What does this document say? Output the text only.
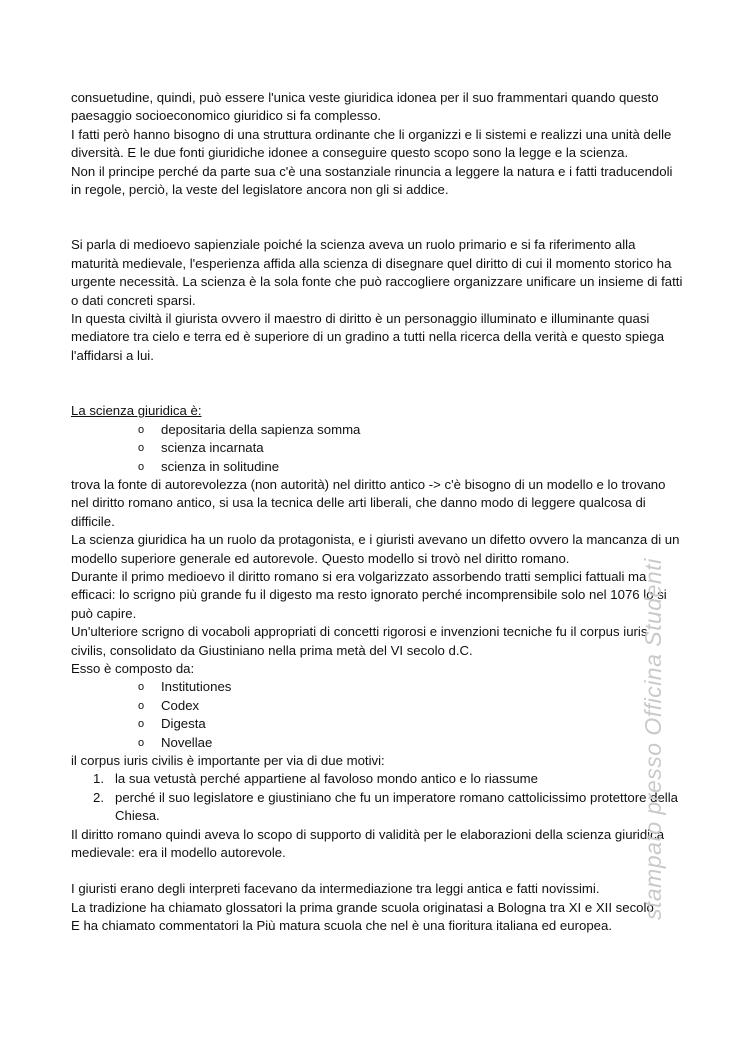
consuetudine, quindi, può essere l'unica veste giuridica idonea per il suo frammentari quando questo paesaggio socioeconomico giuridico si fa complesso.

I fatti però hanno bisogno di una struttura ordinante che li organizzi e li sistemi e realizzi una unità delle diversità. E le due fonti giuridiche idonee a conseguire questo scopo sono la legge e la scienza.

Non il principe perché da parte sua c'è una sostanziale rinuncia a leggere la natura e i fatti traducendoli in regole, perciò, la veste del legislatore ancora non gli si addice.

Si parla di medioevo sapienziale poiché la scienza aveva un ruolo primario e si fa riferimento alla maturità medievale, l'esperienza affida alla scienza di disegnare quel diritto di cui il momento storico ha urgente necessità. La scienza è la sola fonte che può raccogliere organizzare unificare un insieme di fatti o dati concreti sparsi.

In questa civiltà il giurista ovvero il maestro di diritto è un personaggio illuminato e illuminante quasi mediatore tra cielo e terra ed è superiore di un gradino a tutti nella ricerca della verità e questo spiega l'affidarsi a lui.

La scienza giuridica è:

o depositaria della sapienza somma
o scienza incarnata
o scienza in solitudine

trova la fonte di autorevolezza (non autorità) nel diritto antico -> c'è bisogno di un modello e lo trovano nel diritto romano antico, si usa la tecnica delle arti liberali, che danno modo di leggere qualcosa di difficile.

La scienza giuridica ha un ruolo da protagonista, e i giuristi avevano un difetto ovvero la mancanza di un modello superiore generale ed autorevole. Questo modello si trovò nel diritto romano.

Durante il primo medioevo il diritto romano si era volgarizzato assorbendo tratti semplici fattuali ma efficaci: lo scrigno più grande fu il digesto ma resto ignorato perché incomprensibile solo nel 1076 lo si può capire.

Un'ulteriore scrigno di vocaboli appropriati di concetti rigorosi e invenzioni tecniche fu il corpus iuris civilis, consolidato da Giustiniano nella prima metà del VI secolo d.C.

Esso è composto da:

o Institutiones
o Codex
o Digesta
o Novellae

il corpus iuris civilis è importante per via di due motivi:

1. la sua vetustà perché appartiene al favoloso mondo antico e lo riassume
2. perché il suo legislatore e giustiniano che fu un imperatore romano cattolicissimo protettore della Chiesa.

Il diritto romano quindi aveva lo scopo di supporto di validità per le elaborazioni della scienza giuridica medievale: era il modello autorevole.

I giuristi erano degli interpreti facevano da intermediazione tra leggi antica e fatti novissimi.

La tradizione ha chiamato glossatori la prima grande scuola originatasi a Bologna tra XI e XII secolo.

E ha chiamato commentatori la Più matura scuola che nel è una fioritura italiana ed europea.

stampato presso Officina Studenti
